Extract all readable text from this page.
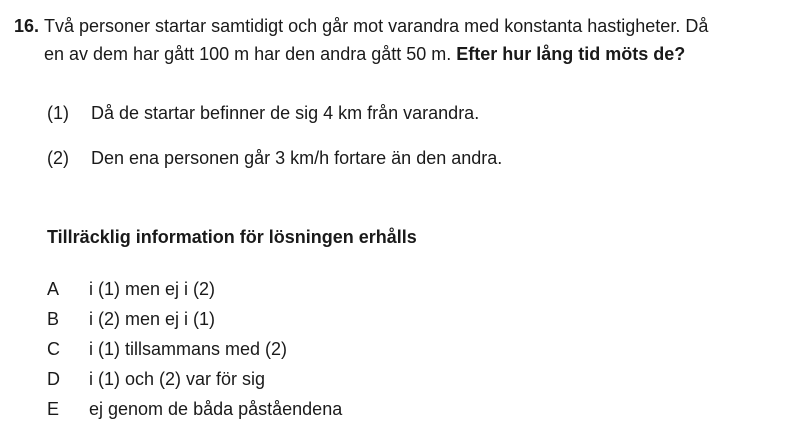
16. Två personer startar samtidigt och går mot varandra med konstanta hastigheter. Då
en av dem har gått 100 m har den andra gått 50 m. Efter hur lång tid möts de?
(1) Då de startar befinner de sig 4 km från varandra.
(2) Den ena personen går 3 km/h fortare än den andra.
Tillräcklig information för lösningen erhålls
A i (1) men ej i (2)
B i (2) men ej i (1)
C i (1) tillsammans med (2)
D i (1) och (2) var för sig
E ej genom de båda påståendena
